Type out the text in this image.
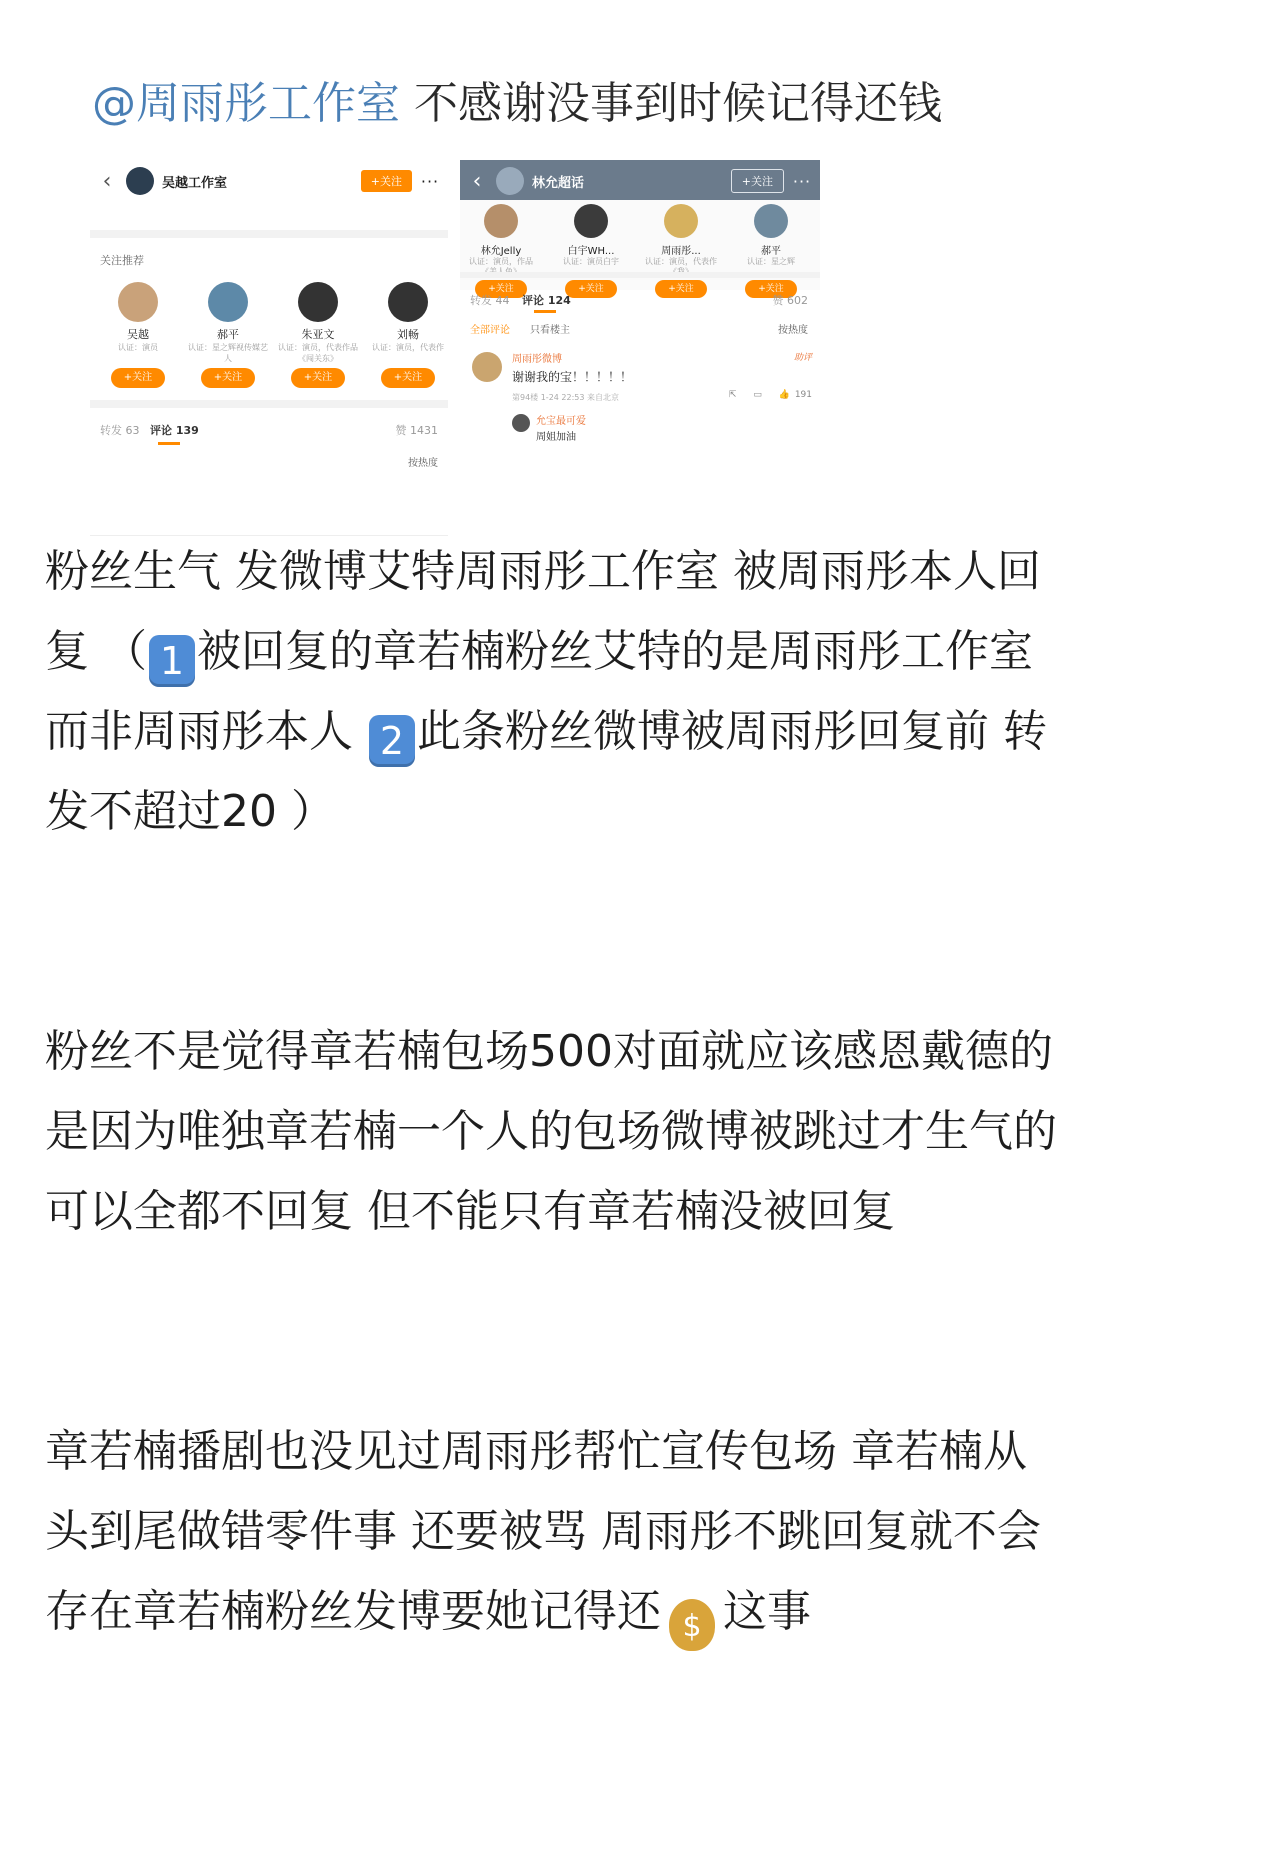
@周雨彤工作室 不感谢没事到时候记得还钱
‹	吴越工作室	+关注	···
关注推荐
吴越
认证：演员
+关注
郝平
认证：星之辉视传媒艺人
+关注
朱亚文
认证：演员，代表作品《闯关东》
+关注
刘畅
认证：演员，代表作
+关注
转发 63 评论 139	赞 1431
按热度
‹	林允超话	+关注	···
林允Jelly
认证：演员，作品
+关注
白宇WH...
认证：演员白宇
+关注
周雨彤...
认证：演员，代表作
+关注
郝平
认证：星之辉
+关注
转发 44 评论 124	赞 602
全部评论 只看楼主	按热度
周雨彤微博	助评
谢谢我的宝！！！！！
第94楼 1-24 22:53 来自北京	⇱ ▭ 👍 191
允宝最可爱
周姐加油
粉丝生气 发微博艾特周雨彤工作室 被周雨彤本人回
复 （ 1 被回复的章若楠粉丝艾特的是周雨彤工作室
而非周雨彤本人 2 此条粉丝微博被周雨彤回复前 转
发不超过20 ）
粉丝不是觉得章若楠包场500对面就应该感恩戴德的
是因为唯独章若楠一个人的包场微博被跳过才生气的
可以全都不回复 但不能只有章若楠没被回复
章若楠播剧也没见过周雨彤帮忙宣传包场 章若楠从
头到尾做错零件事 还要被骂 周雨彤不跳回复就不会
存在章若楠粉丝发博要她记得还 $ 这事
